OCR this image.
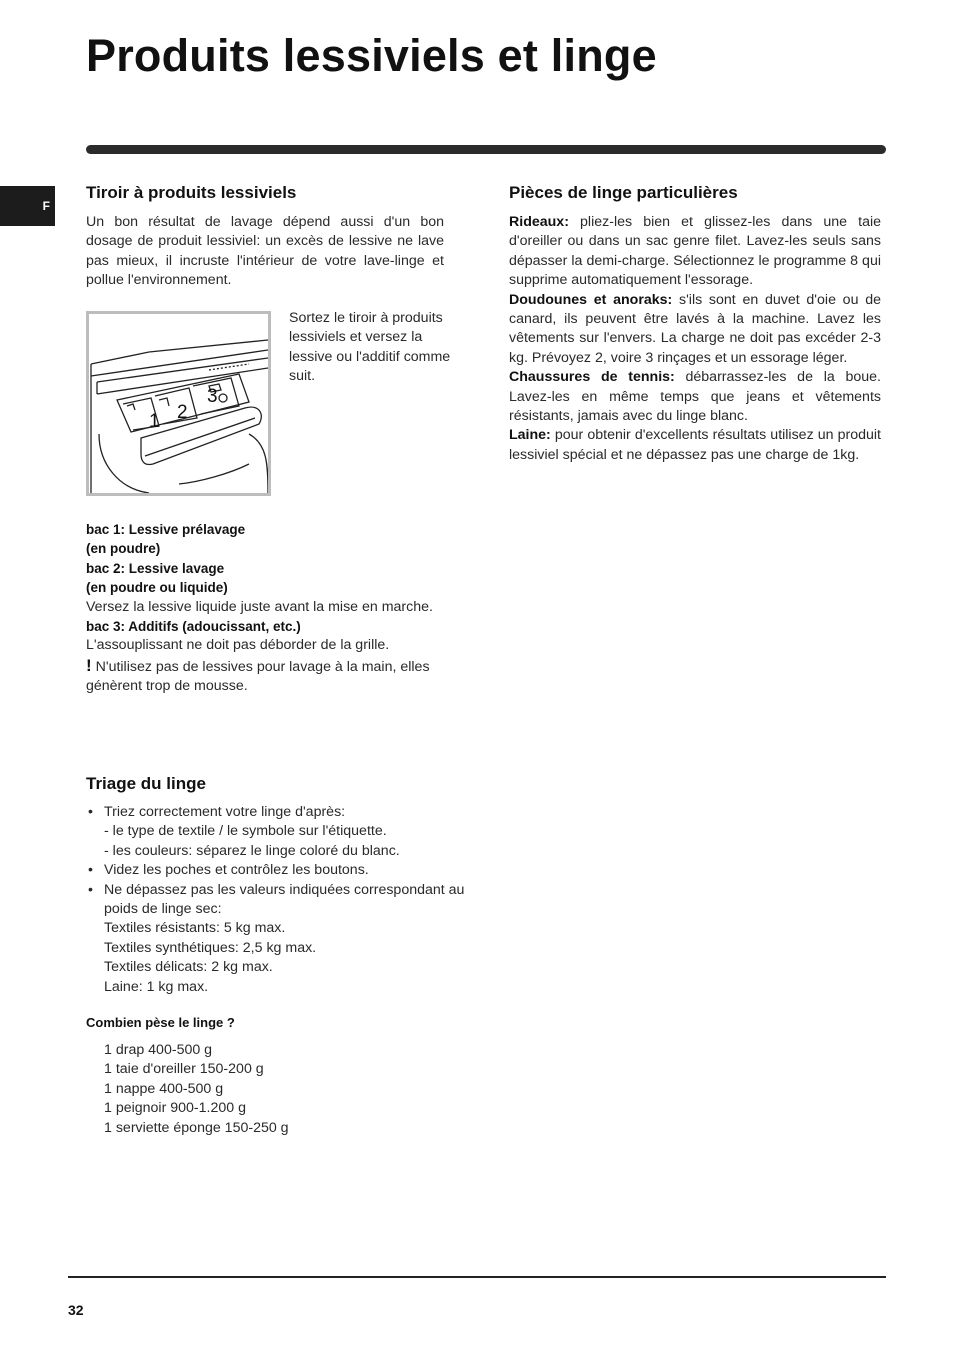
Produits lessiviels et linge
F
Tiroir à produits lessiviels

Un bon résultat de lavage dépend aussi d'un bon dosage de produit lessiviel: un excès de lessive ne lave pas mieux, il incruste l'intérieur de votre lave-linge et pollue l'environnement.

1 2
3

Sortez le tiroir à produits lessiviels et versez la lessive ou l'additif comme suit.

bac 1: Lessive prélavage
(en poudre)
bac 2: Lessive lavage
(en poudre ou liquide)
Versez la lessive liquide juste avant la mise en marche.
bac 3: Additifs (adoucissant, etc.)
L'assouplissant ne doit pas déborder de la grille.
! N'utilisez pas de lessives pour lavage à la main, elles génèrent trop de mousse.
Triage du linge
• Triez correctement votre linge d'après:
- le type de textile / le symbole sur l'étiquette.
- les couleurs: séparez le linge coloré du blanc.
• Videz les poches et contrôlez les boutons.
• Ne dépassez pas les valeurs indiquées correspondant au poids de linge sec:
Textiles résistants: 5 kg max.
Textiles synthétiques: 2,5 kg max.
Textiles délicats: 2 kg max.
Laine: 1 kg max.
Combien pèse le linge ?
1 drap 400-500 g
1 taie d'oreiller 150-200 g
1 nappe 400-500 g
1 peignoir 900-1.200 g
1 serviette éponge 150-250 g
Pièces de linge particulières
Rideaux: pliez-les bien et glissez-les dans une taie d'oreiller ou dans un sac genre filet. Lavez-les seuls sans dépasser la demi-charge. Sélectionnez le programme 8 qui supprime automatiquement l'essorage.
Doudounes et anoraks: s'ils sont en duvet d'oie ou de canard, ils peuvent être lavés à la machine. Lavez les vêtements sur l'envers. La charge ne doit pas excéder 2-3 kg. Prévoyez 2, voire 3 rinçages et un essorage léger.
Chaussures de tennis: débarrassez-les de la boue. Lavez-les en même temps que jeans et vêtements résistants, jamais avec du linge blanc.
Laine: pour obtenir d'excellents résultats utilisez un produit lessiviel spécial et ne dépassez pas une charge de 1kg.
32
